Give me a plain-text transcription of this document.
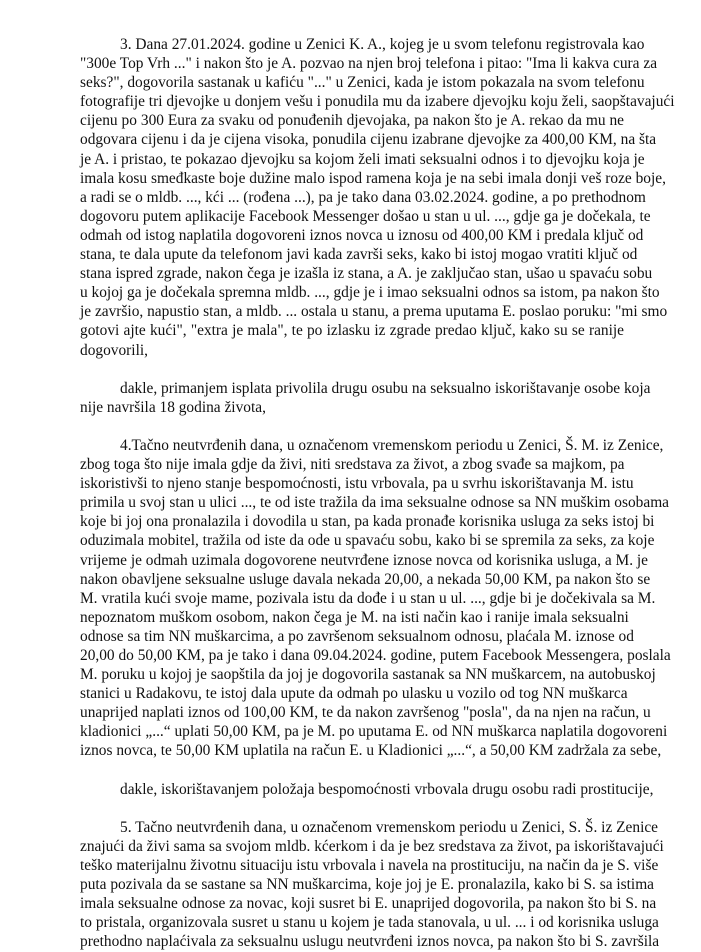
3. Dana 27.01.2024. godine u Zenici K. A., kojeg je u svom telefonu registrovala kao
"300e Top Vrh ..." i nakon što je A. pozvao na njen broj telefona i pitao: "Ima li kakva cura za
seks?", dogovorila sastanak u kafiću "..." u Zenici, kada je istom pokazala na svom telefonu
fotografije tri djevojke u donjem vešu i ponudila mu da izabere djevojku koju želi, saopštavajući
cijenu po 300 Eura za svaku od ponuđenih djevojaka, pa nakon što je A. rekao da mu ne
odgovara cijenu i da je cijena visoka, ponudila cijenu izabrane djevojke za 400,00 KM, na šta
je A. i pristao, te pokazao djevojku sa kojom želi imati seksualni odnos i to djevojku koja je
imala kosu smeđkaste boje dužine malo ispod ramena koja je na sebi imala donji veš roze boje,
a radi se o mldb. ..., kći ... (rođena ...), pa je tako dana 03.02.2024. godine, a po prethodnom
dogovoru putem aplikacije Facebook Messenger došao u stan u ul. ..., gdje ga je dočekala, te
odmah od istog naplatila dogovoreni iznos novca u iznosu od 400,00 KM i predala ključ od
stana, te dala upute da telefonom javi kada završi seks, kako bi istoj mogao vratiti ključ od
stana ispred zgrade, nakon čega je izašla iz stana, a A. je zaključao stan, ušao u spavaću sobu
u kojoj ga je dočekala spremna mldb. ..., gdje je i imao seksualni odnos sa istom, pa nakon što
je završio, napustio stan, a mldb. ... ostala u stanu, a prema uputama E. poslao poruku: "mi smo
gotovi ajte kući", "extra je mala", te po izlasku iz zgrade predao ključ, kako su se ranije
dogovorili,
dakle, primanjem isplata privolila drugu osubu na seksualno iskorištavanje osobe koja
nije navršila 18 godina života,
4.Tačno neutvrđenih dana, u označenom vremenskom periodu u Zenici, Š. M. iz Zenice,
zbog toga što nije imala gdje da živi, niti sredstava za život, a zbog svađe sa majkom, pa
iskoristivši to njeno stanje bespomoćnosti, istu vrbovala, pa u svrhu iskorištavanja M. istu
primila u svoj stan u ulici ..., te od iste tražila da ima seksualne odnose sa NN muškim osobama
koje bi joj ona pronalazila i dovodila u stan, pa kada pronađe korisnika usluga za seks istoj bi
oduzimala mobitel, tražila od iste da ode u spavaću sobu, kako bi se spremila za seks, za koje
vrijeme je odmah uzimala dogovorene neutvrđene iznose novca od korisnika usluga, a M. je
nakon obavljene seksualne usluge davala nekada 20,00, a nekada 50,00 KM, pa nakon što se
M. vratila kući svoje mame, pozivala istu da dođe i u stan u ul. ..., gdje bi je dočekivala sa M.
nepoznatom muškom osobom, nakon čega je M. na isti način kao i ranije imala seksualni
odnose sa tim NN muškarcima, a po završenom seksualnom odnosu, plaćala M. iznose od
20,00 do 50,00 KM, pa je tako i dana 09.04.2024. godine, putem Facebook Messengera, poslala
M. poruku u kojoj je saopštila da joj je dogovorila sastanak sa NN muškarcem, na autobuskoj
stanici u Radakovu, te istoj dala upute da odmah po ulasku u vozilo od tog NN muškarca
unaprijed naplati iznos od 100,00 KM, te da nakon završenog "posla", da na njen na račun, u
kladionici „...“ uplati 50,00 KM, pa je M. po uputama E. od NN muškarca naplatila dogovoreni
iznos novca, te 50,00 KM uplatila na račun E. u Kladionici „...“, a 50,00 KM zadržala za sebe,
dakle, iskorištavanjem položaja bespomoćnosti vrbovala drugu osobu radi prostitucije,
5. Tačno neutvrđenih dana, u označenom vremenskom periodu u Zenici, S. Š. iz Zenice
znajući da živi sama sa svojom mldb. kćerkom i da je bez sredstava za život, pa iskorištavajući
teško materijalnu životnu situaciju istu vrbovala i navela na prostituciju, na način da je S. više
puta pozivala da se sastane sa NN muškarcima, koje joj je E. pronalazila, kako bi S. sa istima
imala seksualne odnose za novac, koji susret bi E. unaprijed dogovorila, pa nakon što bi S. na
to pristala, organizovala susret u stanu u kojem je tada stanovala, u ul. ... i od korisnika usluga
prethodno naplaćivala za seksualnu uslugu neutvrđeni iznos novca, pa nakon što bi S. završila
